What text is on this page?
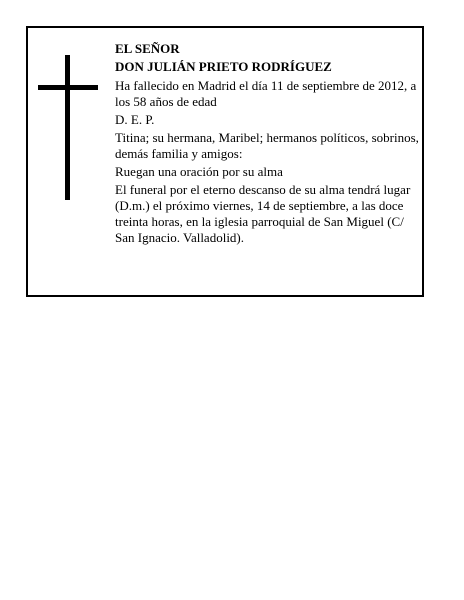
EL SEÑOR

DON JULIÁN PRIETO RODRÍGUEZ

Ha fallecido en Madrid el día 11 de septiembre de 2012, a los 58 años de edad

D. E. P.

Titina; su hermana, Maribel; hermanos políticos, sobrinos, demás familia y amigos:

Ruegan una oración por su alma

El funeral por el eterno descanso de su alma tendrá lugar (D.m.) el próximo viernes, 14 de septiembre, a las doce treinta horas, en la iglesia parroquial de San Miguel (C/ San Ignacio. Valladolid).
